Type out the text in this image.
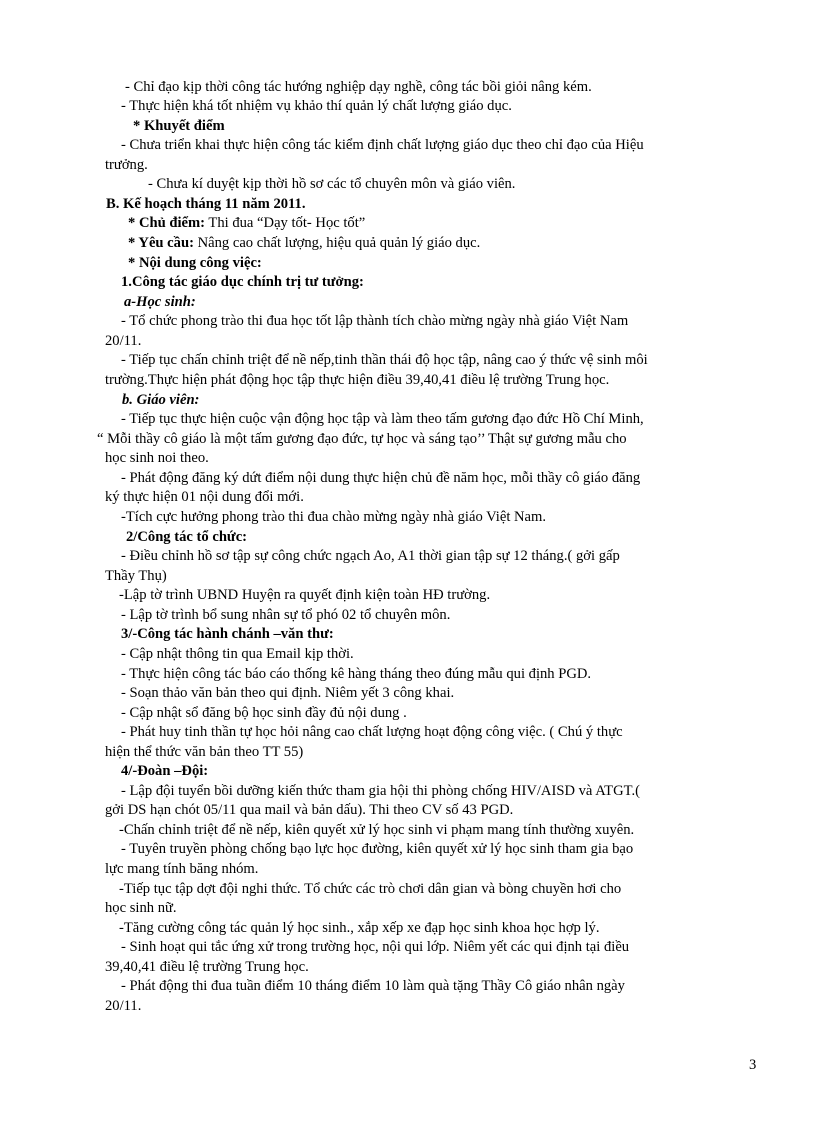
- Chỉ đạo kịp thời công tác hướng nghiệp dạy nghề, công tác bồi giỏi nâng kém.
- Thực hiện khá tốt nhiệm vụ khảo thí quản lý chất lượng giáo dục.
* Khuyết điểm
- Chưa triển khai thực hiện công tác kiểm định chất lượng giáo dục theo chỉ đạo của Hiệu
trưởng.
- Chưa kí duyệt kịp thời hồ sơ các tổ chuyên môn và giáo viên.
B. Kế hoạch tháng 11 năm 2011.
* Chủ điểm: Thi đua “Dạy tốt- Học tốt”
* Yêu cầu: Nâng cao chất lượng, hiệu quả quản lý giáo dục.
* Nội dung công việc:
1.Công tác giáo dục chính trị tư tưởng:
a-Học sinh:
- Tổ chức phong trào thi đua học tốt lập thành tích chào mừng ngày nhà giáo Việt Nam
20/11.
- Tiếp tục chấn chỉnh triệt để nề nếp,tinh thần thái độ học tập, nâng cao ý thức vệ sinh môi
trường.Thực hiện phát động học tập thực hiện điều 39,40,41 điều lệ trường Trung học.
b. Giáo viên:
- Tiếp tục thực hiện cuộc vận động học tập và làm theo tấm gương đạo đức Hồ Chí Minh,
“ Mỗi thầy cô giáo là một tấm gương đạo đức, tự học và sáng tạo’’ Thật sự gương mẫu cho
học sinh noi theo.
- Phát động đăng ký dứt điểm nội dung thực hiện chủ đề năm học, mỗi thầy cô giáo đăng
ký thực hiện 01 nội dung đổi mới.
-Tích cực hưởng phong trào thi đua chào mừng ngày nhà giáo Việt Nam.
2/Công tác tổ chức:
- Điều chỉnh hồ sơ tập sự công chức ngạch Ao, A1 thời gian tập sự 12 tháng.( gởi gấp
Thầy Thụ)
-Lập tờ trình UBND Huyện ra quyết định kiện toàn HĐ trường.
- Lập tờ trình bổ sung nhân sự tổ phó 02 tổ chuyên môn.
3/-Công tác hành chánh –văn thư:
- Cập nhật thông tin qua Email kịp thời.
- Thực hiện công tác báo cáo thống kê hàng tháng theo đúng mẫu qui định PGD.
- Soạn thảo văn bản theo qui định. Niêm yết 3 công khai.
- Cập nhật sổ đăng bộ học sinh đầy đủ nội dung .
- Phát huy tinh thần tự học hỏi nâng cao chất lượng hoạt động công việc. ( Chú ý thực
hiện thể thức văn bản theo TT 55)
4/-Đoàn –Đội:
- Lập đội tuyển bồi dưỡng kiến thức tham gia hội thi phòng chống HIV/AISD và ATGT.(
gởi DS hạn chót 05/11 qua mail và bản dấu). Thi theo CV số 43 PGD.
-Chấn chỉnh triệt để nề nếp, kiên quyết xử lý học sinh vi phạm mang tính thường xuyên.
- Tuyên truyền phòng chống bạo lực học đường, kiên quyết xử lý học sinh tham gia bạo
lực mang tính băng nhóm.
-Tiếp tục tập dợt đội nghi thức. Tổ chức các trò chơi dân gian và bòng chuyền hơi cho
học sinh nữ.
-Tăng cường công tác quản lý học sinh., xắp xếp xe đạp học sinh khoa học hợp lý.
- Sinh hoạt qui tắc ứng xử trong trường học, nội qui lớp. Niêm yết các qui định tại điều
39,40,41 điều lệ trường Trung học.
- Phát động thi đua tuần điểm 10 tháng điểm 10 làm quà tặng Thầy Cô giáo nhân ngày
20/11.
3
